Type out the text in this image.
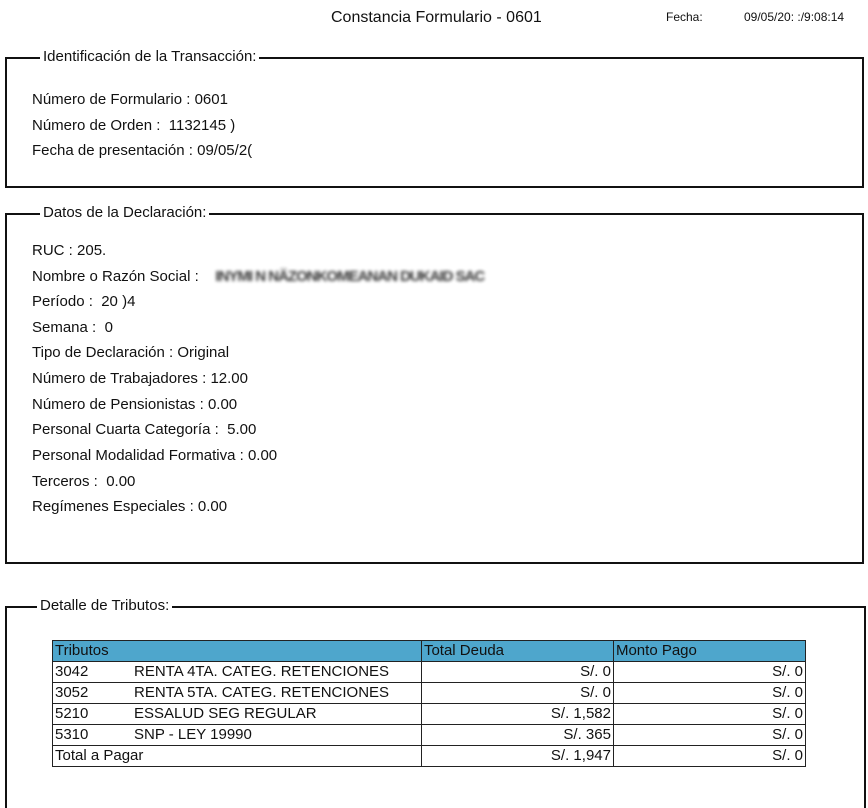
Constancia Formulario - 0601	Fecha:	09/05/20: :/9:08:14
Identificación de la Transacción:
Número de Formulario : 0601
Número de Orden : 1132145 )
Fecha de presentación : 09/05/2(
Datos de la Declaración:
RUC : 205.
Nombre o Razón Social : INYMI N NÄZONKOMEANAN DUKAID SAC
Período : 20 )4
Semana : 0
Tipo de Declaración : Original
Número de Trabajadores : 12.00
Número de Pensionistas : 0.00
Personal Cuarta Categoría : 5.00
Personal Modalidad Formativa : 0.00
Terceros : 0.00
Regímenes Especiales : 0.00
Detalle de Tributos:
Tributos	Total Deuda	Monto Pago
3042 RENTA 4TA. CATEG. RETENCIONES	S/. 0	S/. 0
3052 RENTA 5TA. CATEG. RETENCIONES	S/. 0	S/. 0
5210 ESSALUD SEG REGULAR	S/. 1,582	S/. 0
5310 SNP - LEY 19990	S/. 365	S/. 0
Total a Pagar	S/. 1,947	S/. 0
